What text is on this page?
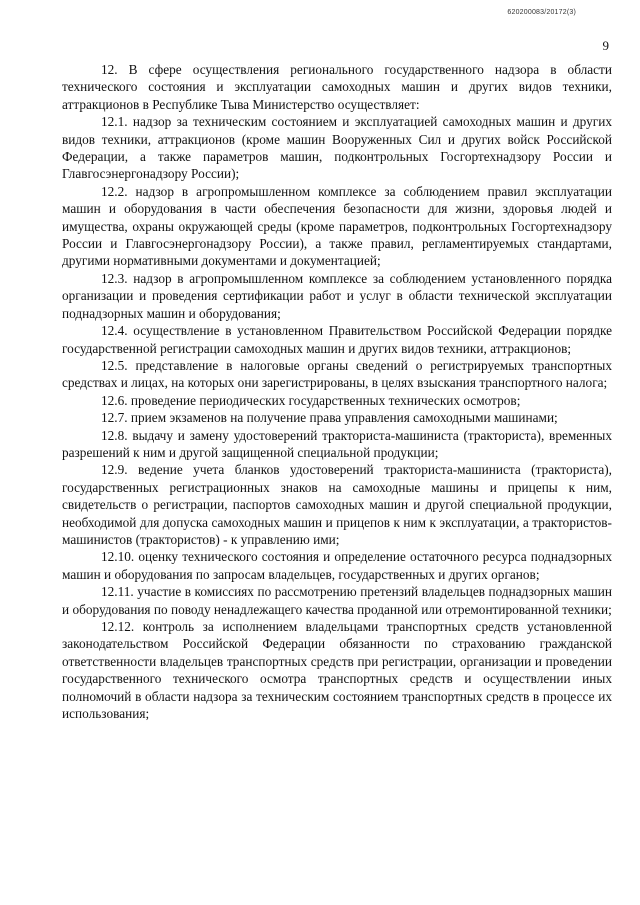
620200083/20172(3)
9

12. В сфере осуществления регионального государственного надзора в области технического состояния и эксплуатации самоходных машин и других видов техники, аттракционов в Республике Тыва Министерство осуществляет:

12.1. надзор за техническим состоянием и эксплуатацией самоходных машин и других видов техники, аттракционов (кроме машин Вооруженных Сил и других войск Российской Федерации, а также параметров машин, подконтрольных Госгортехнадзору России и Главгосэнергонадзору России);

12.2. надзор в агропромышленном комплексе за соблюдением правил эксплуатации машин и оборудования в части обеспечения безопасности для жизни, здоровья людей и имущества, охраны окружающей среды (кроме параметров, подконтрольных Госгортехнадзору России и Главгосэнергонадзору России), а также правил, регламентируемых стандартами, другими нормативными документами и документацией;

12.3. надзор в агропромышленном комплексе за соблюдением установленного порядка организации и проведения сертификации работ и услуг в области технической эксплуатации поднадзорных машин и оборудования;

12.4. осуществление в установленном Правительством Российской Федерации порядке государственной регистрации самоходных машин и других видов техники, аттракционов;

12.5. представление в налоговые органы сведений о регистрируемых транспортных средствах и лицах, на которых они зарегистрированы, в целях взыскания транспортного налога;

12.6. проведение периодических государственных технических осмотров;

12.7. прием экзаменов на получение права управления самоходными машинами;

12.8. выдачу и замену удостоверений тракториста-машиниста (тракториста), временных разрешений к ним и другой защищенной специальной продукции;

12.9. ведение учета бланков удостоверений тракториста-машиниста (тракториста), государственных регистрационных знаков на самоходные машины и прицепы к ним, свидетельств о регистрации, паспортов самоходных машин и другой специальной продукции, необходимой для допуска самоходных машин и прицепов к ним к эксплуатации, а трактористов-машинистов (трактористов) - к управлению ими;

12.10. оценку технического состояния и определение остаточного ресурса поднадзорных машин и оборудования по запросам владельцев, государственных и других органов;

12.11. участие в комиссиях по рассмотрению претензий владельцев поднадзорных машин и оборудования по поводу ненадлежащего качества проданной или отремонтированной техники;

12.12. контроль за исполнением владельцами транспортных средств установленной законодательством Российской Федерации обязанности по страхованию гражданской ответственности владельцев транспортных средств при регистрации, организации и проведении государственного технического осмотра транспортных средств и осуществлении иных полномочий в области надзора за техническим состоянием транспортных средств в процессе их использования;
